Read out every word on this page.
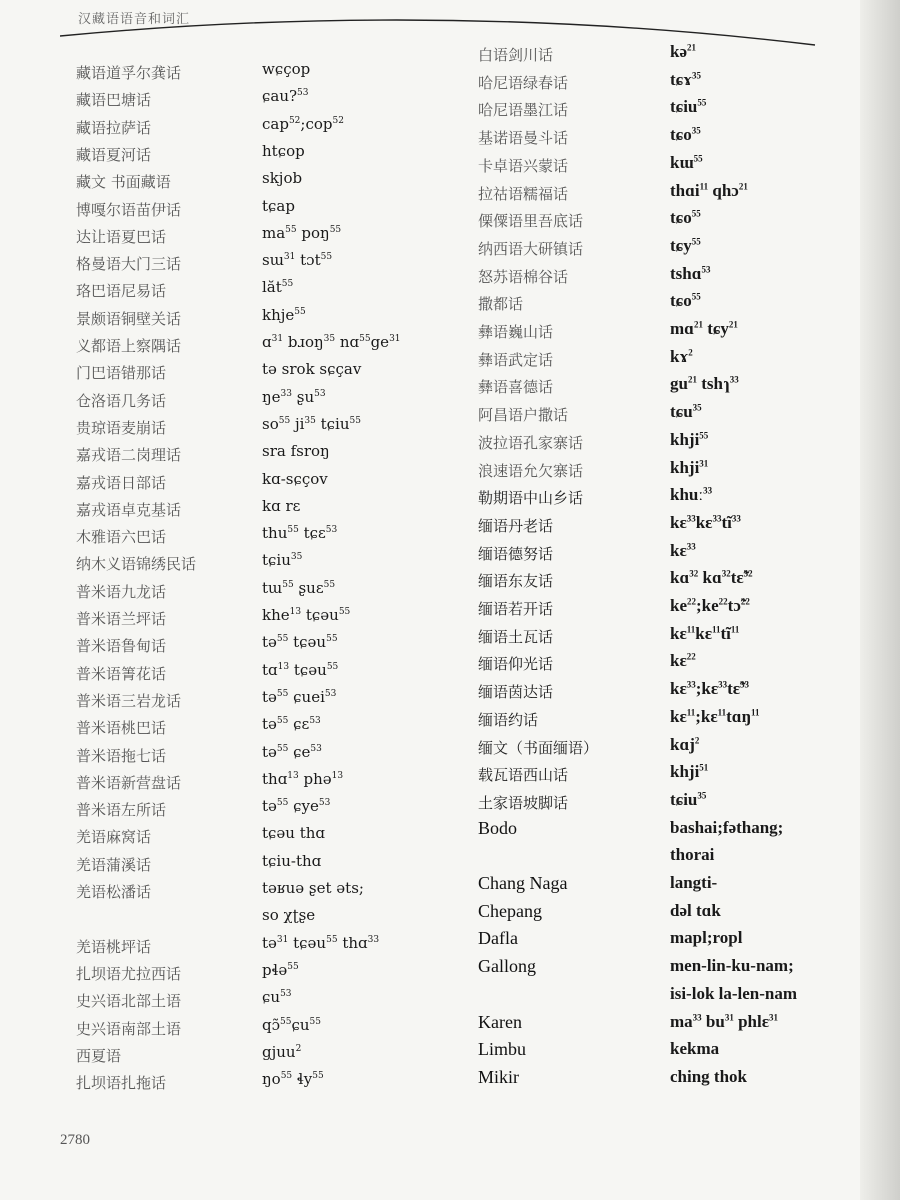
汉藏语语音和词汇
藏语道孚尔龚话	wɕçop
藏语巴塘话	ɕau?$^{53}$
藏语拉萨话	cap$^{52}$;cop$^{52}$
藏语夏河话	htɕop
藏文 书面藏语	skjob
博嘎尔语苗伊话	tɕap
达让语夏巴话	$ma^{55}$ poŋ$^{55}$
格曼语大门三话	sɯ$^{31}$ tɔt$^{55}$
珞巴语尼易话	lăt$^{55}$
景颇语铜壁关话	khje$^{55}$
义都语上察隅话	ɑ$^{31}$ bɹoŋ$^{35}$ $nɑ^{55}ge^{31}$
门巴语错那话	tə srok sɕçav
仓洛语几务话	$ŋe^{33}$ ʂu$^{53}$
贵琼语麦崩话	$so^{55}$ $ji^{35}$ tɕiu$^{55}$
嘉戎语二岗理话	sra fsroŋ
嘉戎语日部话	kɑ-sɕçov
嘉戎语卓克基话	kɑ rɛ
木雅语六巴话	thu$^{55}$ tɕɛ$^{53}$
纳木义语锦绣民话	tɕiu$^{35}$
普米语九龙话	tɯ$^{55}$ ʂuɛ$^{55}$
普米语兰坪话	khe$^{13}$ tɕəu$^{55}$
普米语鲁甸话	tə$^{55}$ tɕəu$^{55}$
普米语箐花话	tɑ$^{13}$ tɕəu$^{55}$
普米语三岩龙话	tə$^{55}$ ɕuei$^{53}$
普米语桃巴话	tə$^{55}$ ɕɛ$^{53}$
普米语拖七话	tə$^{55}$ ɕe$^{53}$
普米语新营盘话	thɑ$^{13}$ phə$^{13}$
普米语左所话	tə$^{55}$ ɕye$^{53}$
羌语麻窝话	tɕəu thɑ
羌语蒲溪话	tɕiu-thɑ
羌语松潘话	təʁuə ʂet əts;
so χʈʂe
羌语桃坪话	tə$^{31}$ tɕəu$^{55}$ thɑ$^{33}$
扎坝语尤拉西话	pɬə$^{55}$
史兴语北部土语	ɕu$^{53}$
史兴语南部土语	qɔ̃$^{55}$ɕu$^{55}$
西夏语	gjuu$^2$
扎坝语扎拖话	$ŋo^{55}$ ɬy$^{55}$
白语剑川话	kə$^{21}$
哈尼语绿春话	tɕɤ$^{35}$
哈尼语墨江话	tɕiu$^{55}$
基诺语曼斗话	tɕo$^{35}$
卡卓语兴蒙话	kɯ$^{55}$
拉祜语糯福话	thɑi$^{11}$ qhɔ$^{21}$
傈僳语里吾底话	tɕo$^{55}$
纳西语大研镇话	tɕy$^{55}$
怒苏语棉谷话	tshɑ$^{53}$
撒都话	tɕo$^{55}$
彝语巍山话	mɑ$^{21}$ tɕy$^{21}$
彝语武定话	kɤ$^2$
彝语喜德话	$gu^{21}$ tshɿ$^{33}$
阿昌语户撒话	tɕu$^{35}$
波拉语孔家寨话	khji$^{55}$
浪速语允欠寨话	khji$^{31}$
勒期语中山乡话	khuː$^{33}$
缅语丹老话	$kɛ^{33}kɛ^{33}tĩ^{33}$
缅语德努话	kɛ$^{33}$
缅语东友话	kɑ$^{32}$ kɑ$^{32}$tɛ̃$^{32}$
缅语若开话	$ke^{22};ke^{22}tɔ̃^{22}$
缅语土瓦话	$kɛ^{11}kɛ^{11}tĩ^{11}$
缅语仰光话	kɛ$^{22}$
缅语茵达话	kɛ$^{33}$;kɛ$^{33}$tɛ̃$^{33}$
缅语约话	kɛ$^{11}$;kɛ$^{11}$tɑŋ$^{11}$
缅文（书面缅语）	kɑj$^2$
载瓦语西山话	khji$^{51}$
土家语坡脚话	tɕiu$^{35}$
Bodo	bashai;fəthang;
thorai
Chang Naga	langti-
Chepang	dəl tɑk
Dafla	mapl;ropl
Gallong	men-lin-ku-nam;
isi-lok la-len-nam
Karen	$ma^{33}$ $bu^{31}$ phlɛ$^{31}$
Limbu	kekma
Mikir	ching thok
2780
